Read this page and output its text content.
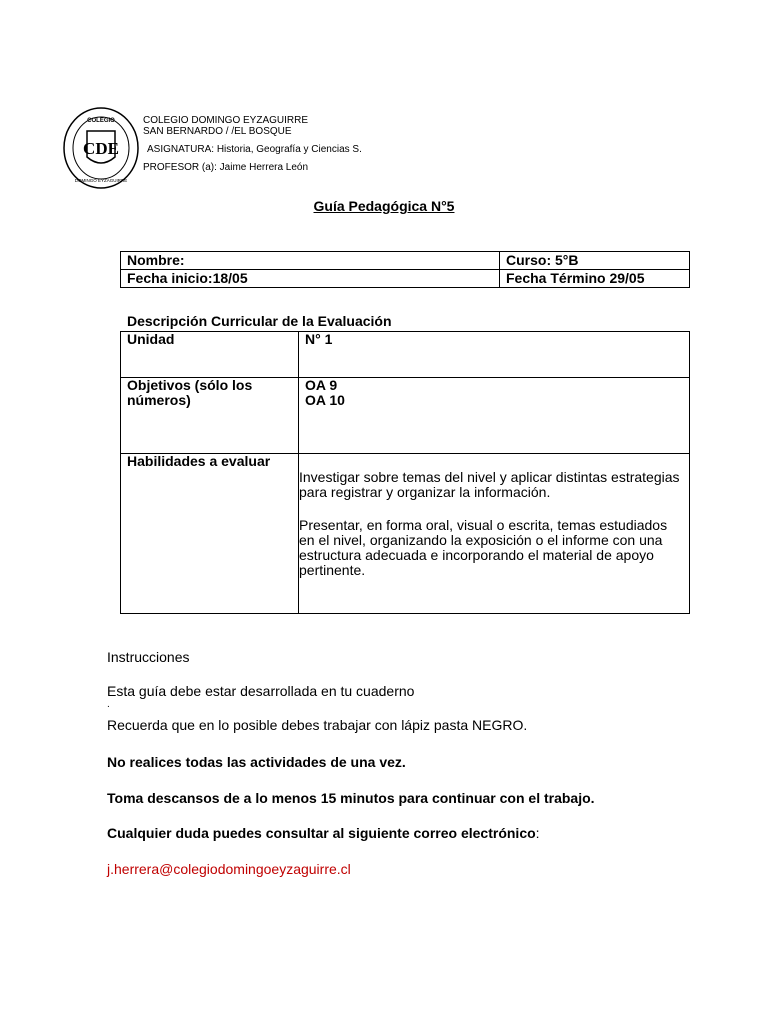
COLEGIO
CDE
DOMINGO EYZAGUIRRE
COLEGIO DOMINGO EYZAGUIRRE
SAN BERNARDO / /EL BOSQUE
ASIGNATURA: Historia, Geografía y Ciencias S.
PROFESOR (a): Jaime Herrera León
Guía Pedagógica N°5
Nombre:	Curso: 5°B
Fecha inicio:18/05	Fecha Término 29/05
Descripción Curricular de la Evaluación
Unidad	N° 1
Objetivos (sólo los números)	OA 9
OA 10

Habilidades a evaluar	Investigar sobre temas del nivel y aplicar distintas estrategias para registrar y organizar la información.

Presentar, en forma oral, visual o escrita, temas estudiados en el nivel, organizando la exposición o el informe con una estructura adecuada e incorporando el material de apoyo pertinente.

Instrucciones
Esta guía debe estar desarrollada en tu cuaderno
.
Recuerda que en lo posible debes trabajar con lápiz pasta NEGRO.
No realices todas las actividades de una vez.
Toma descansos de a lo menos 15 minutos para continuar con el trabajo.
Cualquier duda puedes consultar al siguiente correo electrónico:
j.herrera@colegiodomingoeyzaguirre.cl
